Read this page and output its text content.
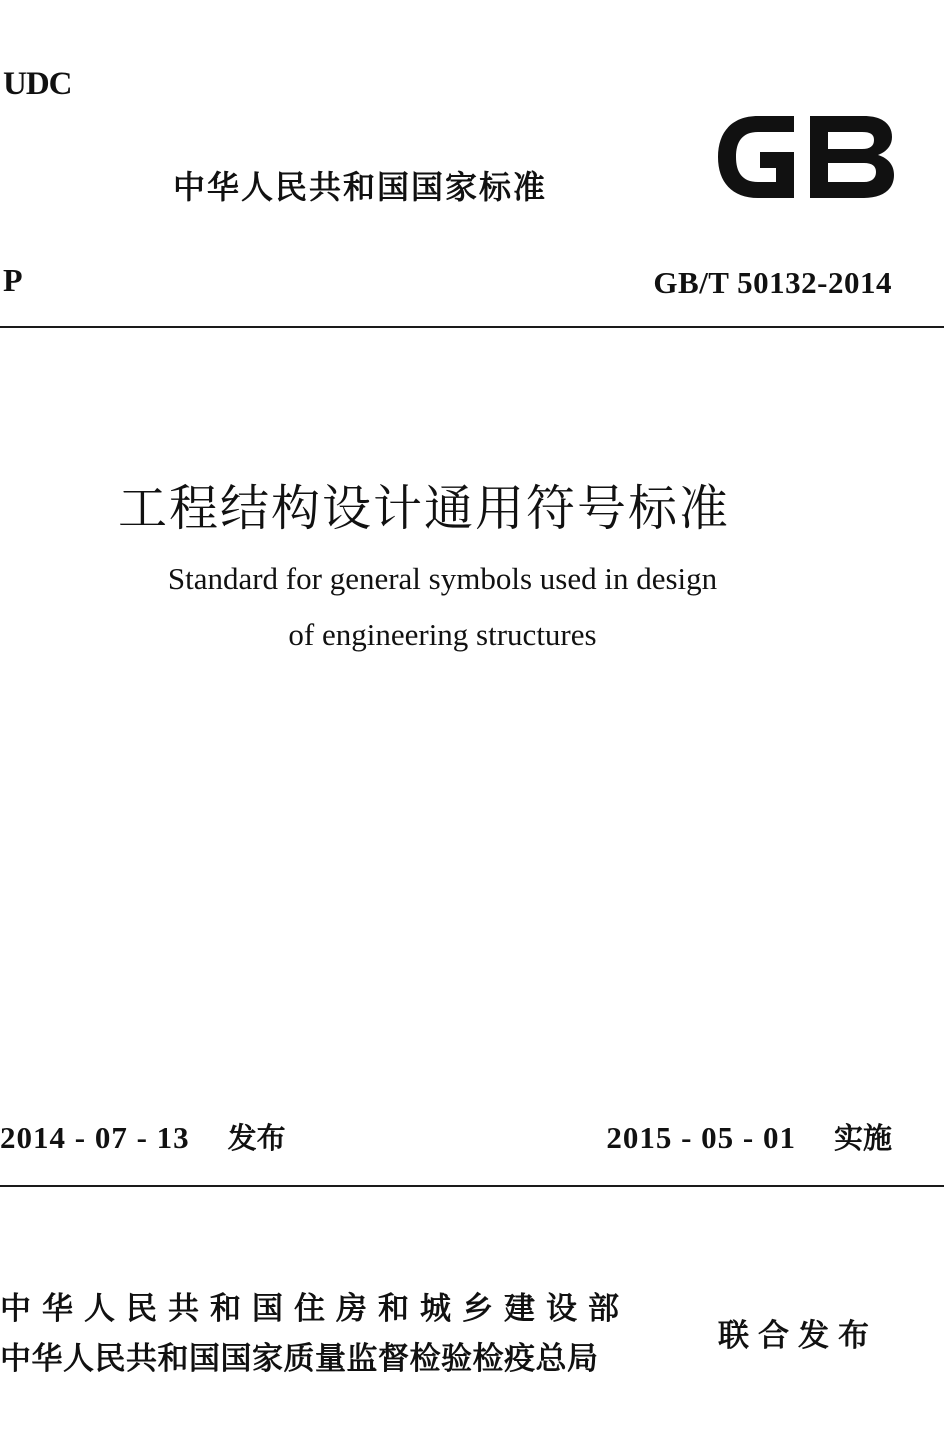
UDC
中华人民共和国国家标准
P	GB/T 50132-2014
工程结构设计通用符号标准
Standard for general symbols used in design
of engineering structures
2014 - 07 - 13 发布	2015 - 05 - 01 实施
中华人民共和国住房和城乡建设部
中华人民共和国国家质量监督检验检疫总局
联合发布
